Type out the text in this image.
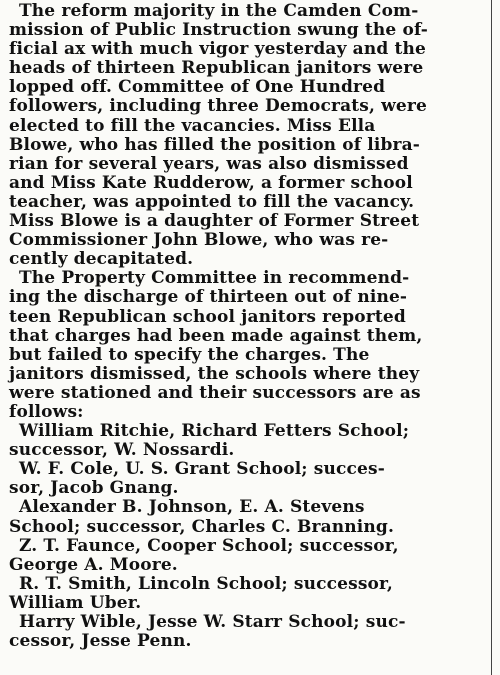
The reform majority in the Camden Com-
mission of Public Instruction swung the of-
ficial ax with much vigor yesterday and the
heads of thirteen Republican janitors were
lopped off. Committee of One Hundred
followers, including three Democrats, were
elected to fill the vacancies. Miss Ella
Blowe, who has filled the position of libra-
rian for several years, was also dismissed
and Miss Kate Rudderow, a former school
teacher, was appointed to fill the vacancy.
Miss Blowe is a daughter of Former Street
Commissioner John Blowe, who was re-
cently decapitated.
The Property Committee in recommend-
ing the discharge of thirteen out of nine-
teen Republican school janitors reported
that charges had been made against them,
but failed to specify the charges. The
janitors dismissed, the schools where they
were stationed and their successors are as
follows:
William Ritchie, Richard Fetters School;
successor, W. Nossardi.
W. F. Cole, U. S. Grant School; succes-
sor, Jacob Gnang.
Alexander B. Johnson, E. A. Stevens
School; successor, Charles C. Branning.
Z. T. Faunce, Cooper School; successor,
George A. Moore.
R. T. Smith, Lincoln School; successor,
William Uber.
Harry Wible, Jesse W. Starr School; suc-
cessor, Jesse Penn.
